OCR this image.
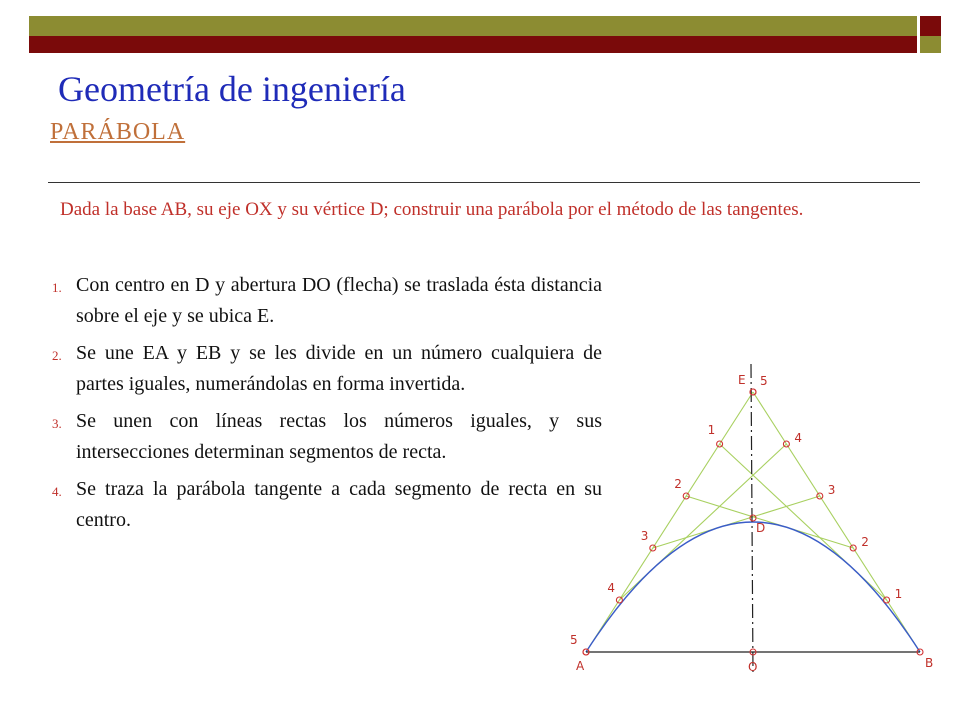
Geometría de ingeniería
PARÁBOLA

Dada la base AB, su eje OX y su vértice D; construir una parábola por el método de las tangentes.

1. Con centro en D y abertura DO (flecha) se traslada ésta distancia sobre el eje y se ubica E.
2. Se une EA y EB y se les divide en un número cualquiera de partes iguales, numerándolas en forma invertida.
3. Se unen con líneas rectas los números iguales, y sus intersecciones determinan segmentos de recta.
4. Se traza la parábola tangente a cada segmento de recta en su centro.
E
A	B
O
D
5
1
2
3
4
5
1
2
3
4
